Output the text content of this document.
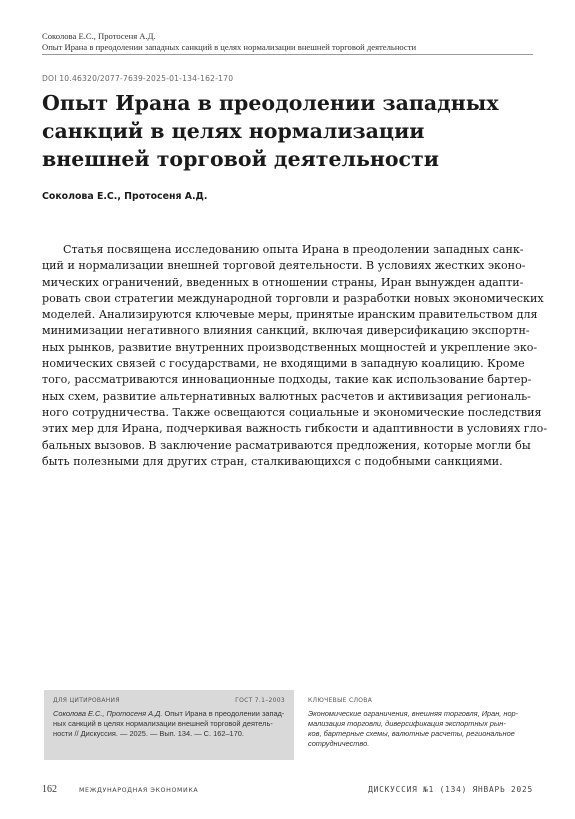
Соколова Е.С., Протосеня А.Д.
Опыт Ирана в преодолении западных санкций в целях нормализации внешней торговой деятельности
DOI 10.46320/2077-7639-2025-01-134-162-170
Опыт Ирана в преодолении западных
санкций в целях нормализации
внешней торговой деятельности
Соколова Е.С., Протосеня А.Д.
Статья посвящена исследованию опыта Ирана в преодолении западных санк-
ций и нормализации внешней торговой деятельности. В условиях жестких эконо-
мических ограничений, введенных в отношении страны, Иран вынужден адапти-
ровать свои стратегии международной торговли и разработки новых экономических
моделей. Анализируются ключевые меры, принятые иранским правительством для
минимизации негативного влияния санкций, включая диверсификацию экспортн-
ных рынков, развитие внутренних производственных мощностей и укрепление эко-
номических связей с государствами, не входящими в западную коалицию. Кроме
того, рассматриваются инновационные подходы, такие как использование бартер-
ных схем, развитие альтернативных валютных расчетов и активизация региональ-
ного сотрудничества. Также освещаются социальные и экономические последствия
этих мер для Ирана, подчеркивая важность гибкости и адаптивности в условиях гло-
бальных вызовов. В заключение расматриваются предложения, которые могли бы
быть полезными для других стран, сталкивающихся с подобными санкциями.
ДЛЯ ЦИТИРОВАНИЯ	ГОСТ 7.1–2003
Соколова Е.С., Протосеня А.Д. Опыт Ирана в преодолении запад-
ных санкций в целях нормализации внешней торговой деятель-
ности // Дискуссия. — 2025. — Вып. 134. — С. 162–170.
КЛЮЧЕВЫЕ СЛОВА
Экономические ограничения, внешняя торговля, Иран, нор-
мализация торговли, диверсификация экспортных рын-
ков, бартерные схемы, валютные расчеты, региональное
сотрудничество.
162	МЕЖДУНАРОДНАЯ ЭКОНОМИКА	ДИСКУССИЯ №1 (134) ЯНВАРЬ 2025
